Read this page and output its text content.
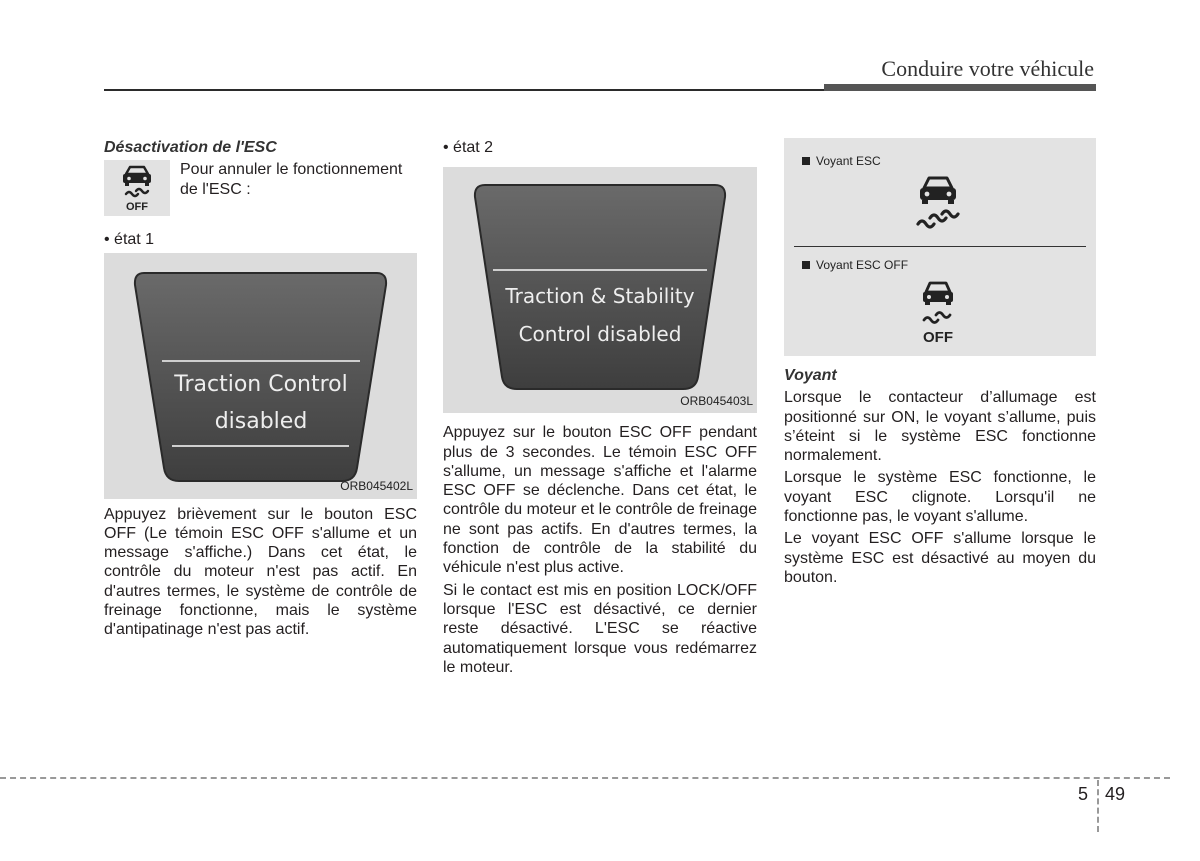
Conduire votre véhicule

Désactivation de l'ESC

OFF
Pour annuler le fonctionnement de l'ESC :

• état 1

Traction Control
disabled
ORB045402L

Appuyez brièvement sur le bouton ESC OFF (Le témoin ESC OFF s'allume et un message s'affiche.) Dans cet état, le contrôle du moteur n'est pas actif. En d'autres termes, le système de contrôle de freinage fonctionne, mais le système d'antipatinage n'est pas actif.

• état 2

Traction & Stability
Control disabled
ORB045403L

Appuyez sur le bouton ESC OFF pendant plus de 3 secondes. Le témoin ESC OFF s'allume, un message s'affiche et l'alarme ESC OFF se déclenche. Dans cet état, le contrôle du moteur et le contrôle de freinage ne sont pas actifs. En d'autres termes, la fonction de contrôle de la stabilité du véhicule n'est plus active.

Si le contact est mis en position LOCK/OFF lorsque l'ESC est désactivé, ce dernier reste désactivé. L'ESC se réactive automatiquement lorsque vous redémarrez le moteur.

Voyant ESC
Voyant ESC OFF
OFF

Voyant

Lorsque le contacteur d’allumage est positionné sur ON, le voyant s’allume, puis s’éteint si le système ESC fonctionne normalement.

Lorsque le système ESC fonctionne, le voyant ESC clignote. Lorsqu'il ne fonctionne pas, le voyant s'allume.

Le voyant ESC OFF s'allume lorsque le système ESC est désactivé au moyen du bouton.

5 49
